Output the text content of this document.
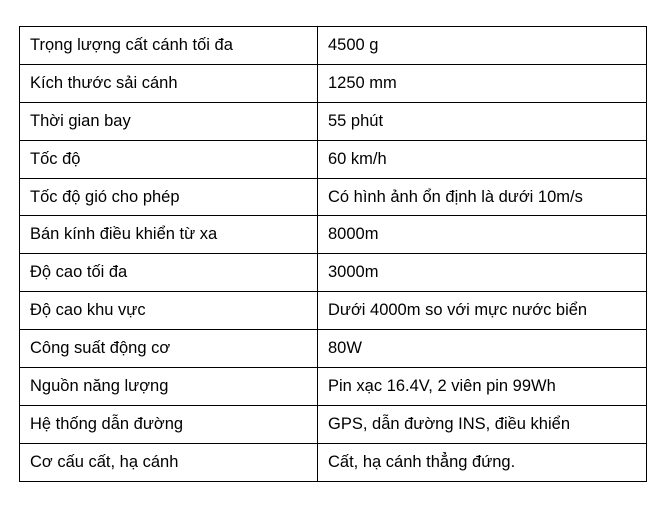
Trọng lượng cất cánh tối đa	4500 g
Kích thước sải cánh	1250 mm
Thời gian bay	55 phút
Tốc độ	60 km/h
Tốc độ gió cho phép	Có hình ảnh ổn định là dưới 10m/s
Bán kính điều khiển từ xa	8000m
Độ cao tối đa	3000m
Độ cao khu vực	Dưới 4000m so với mực nước biển
Công suất động cơ	80W
Nguồn năng lượng	Pin xạc 16.4V, 2 viên pin 99Wh
Hệ thống dẫn đường	GPS, dẫn đường INS, điều khiển
Cơ cấu cất, hạ cánh	Cất, hạ cánh thẳng đứng.
